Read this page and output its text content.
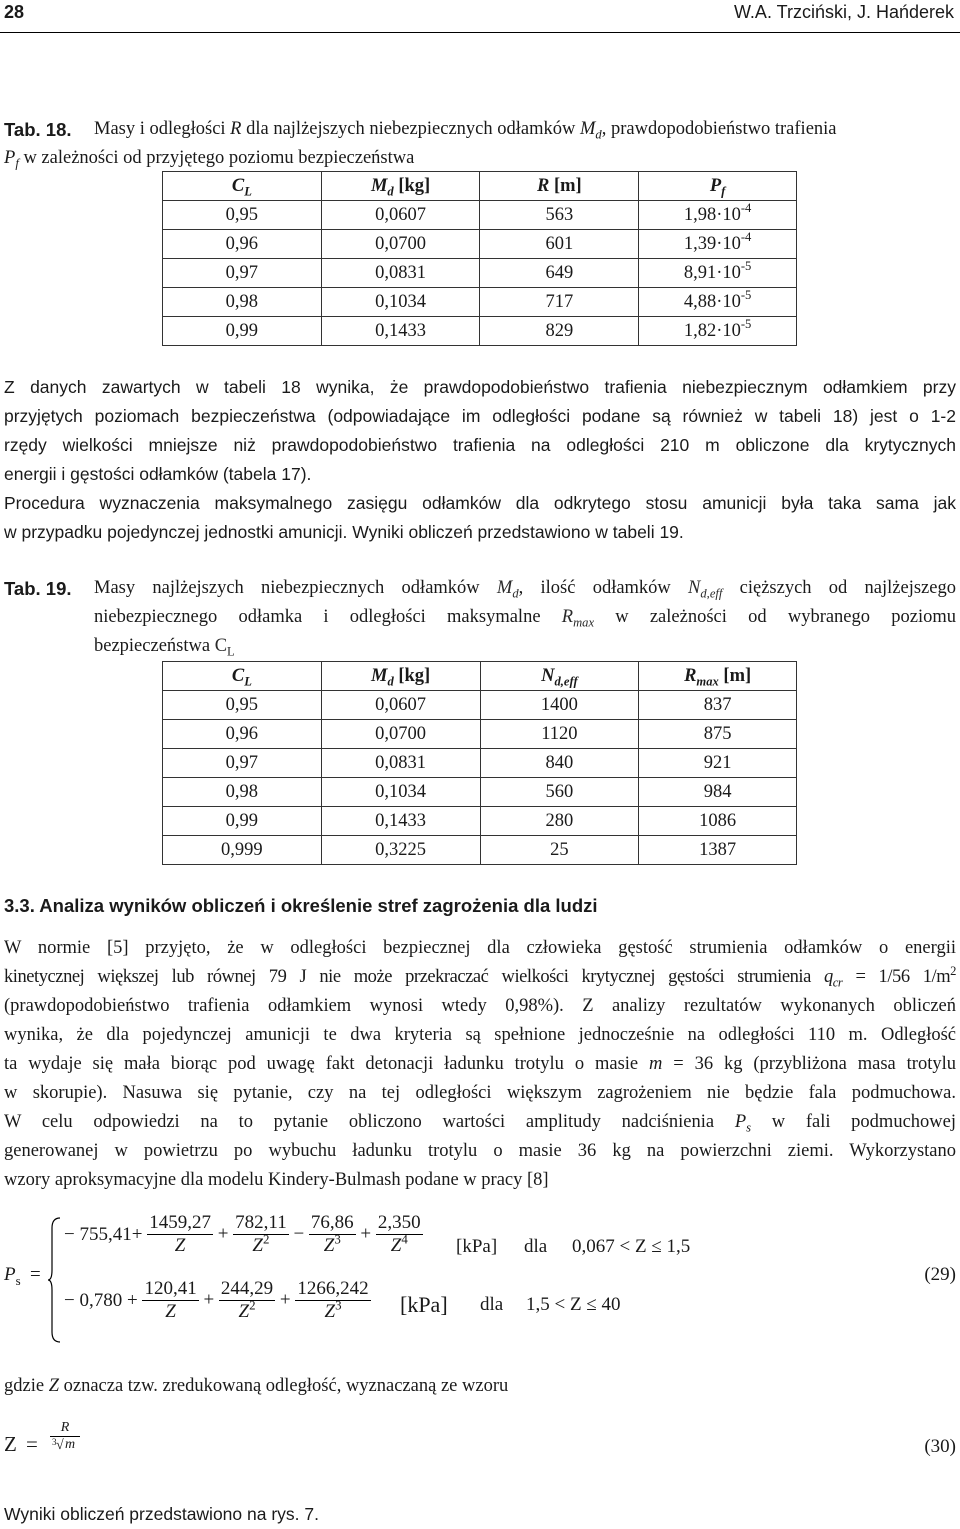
28	W.A. Trzciński, J. Hańderek
Tab. 18. Masy i odległości R dla najlżejszych niebezpiecznych odłamków $M_d$, prawdopodobieństwo trafienia
$P_f$ w zależności od przyjętego poziomu bezpieczeństwa
$C_L$	$M_d$ [kg]	R [m]	$P_f$
0,95	0,0607	563	$1,98\cdot 10^{-4}$
0,96	0,0700	601	$1,39\cdot 10^{-4}$
0,97	0,0831	649	$8,91\cdot 10^{-5}$
0,98	0,1034	717	$4,88\cdot 10^{-5}$
0,99	0,1433	829	$1,82\cdot 10^{-5}$
Z danych zawartych w tabeli 18 wynika, że prawdopodobieństwo trafienia niebezpiecznym odłamkiem przy
przyjętych poziomach bezpieczeństwa (odpowiadające im odległości podane są również w tabeli 18) jest o 1-2
rzędy wielkości mniejsze niż prawdopodobieństwo trafienia na odległości 210 m obliczone dla krytycznych
energii i gęstości odłamków (tabela 17).
Procedura wyznaczenia maksymalnego zasięgu odłamków dla odkrytego stosu amunicji była taka sama jak
w przypadku pojedynczej jednostki amunicji. Wyniki obliczeń przedstawiono w tabeli 19.
Tab. 19. Masy najlżejszych niebezpiecznych odłamków $M_d$, ilość odłamków $N_{d,eff}$ cięższych od najlżejszego
niebezpiecznego odłamka i odległości maksymalne $R_{max}$ w zależności od wybranego poziomu
bezpieczeństwa $C_L$
$C_L$	$M_d$ [kg]	$N_{d,eff}$	$R_{max}$ [m]
0,95	0,0607	1400	837
0,96	0,0700	1120	875
0,97	0,0831	840	921
0,98	0,1034	560	984
0,99	0,1433	280	1086
0,999	0,3225	25	1387
3.3. Analiza wyników obliczeń i określenie stref zagrożenia dla ludzi
W normie [5] przyjęto, że w odległości bezpiecznej dla człowieka gęstość strumienia odłamków o energii
kinetycznej większej lub równej 79 J nie może przekraczać wielkości krytycznej gęstości strumienia $q_{cr} = 1/56$ $1/m^2$
(prawdopodobieństwo trafienia odłamkiem wynosi wtedy 0,98%). Z analizy rezultatów wykonanych obliczeń
wynika, że dla pojedynczej amunicji te dwa kryteria są spełnione jednocześnie na odległości 110 m. Odległość
ta wydaje się mała biorąc pod uwagę fakt detonacji ładunku trotylu o masie m = 36 kg (przybliżona masa trotylu
w skorupie). Nasuwa się pytanie, czy na tej odległości większym zagrożeniem nie będzie fala podmuchowa.
W celu odpowiedzi na to pytanie obliczono wartości amplitudy nadciśnienia $P_s$ w fali podmuchowej
generowanej w powietrzu po wybuchu ładunku trotylu o masie 36 kg na powierzchni ziemi. Wykorzystano
wzory aproksymacyjne dla modelu Kindery-Bulmash podane w pracy [8]
$P_s$ =
− $755,41+ \frac{1459,27}{Z} + \frac{782,11}{Z^2} - \frac{76,86}{Z^3} + \frac{2,350}{Z^4} [kPa]$ dla 0,067 < Z ≤ 1,5
− $0,780 + \frac{120,41}{Z} + \frac{244,29}{Z^2} + \frac{1266,242}{Z^3} [kPa]$ dla 1,5 < Z ≤ 40
(29)
gdzie Z oznacza tzw. zredukowaną odległość, wyznaczaną ze wzoru
Z =
R
3 √ m	(30)
Wyniki obliczeń przedstawiono na rys. 7.
